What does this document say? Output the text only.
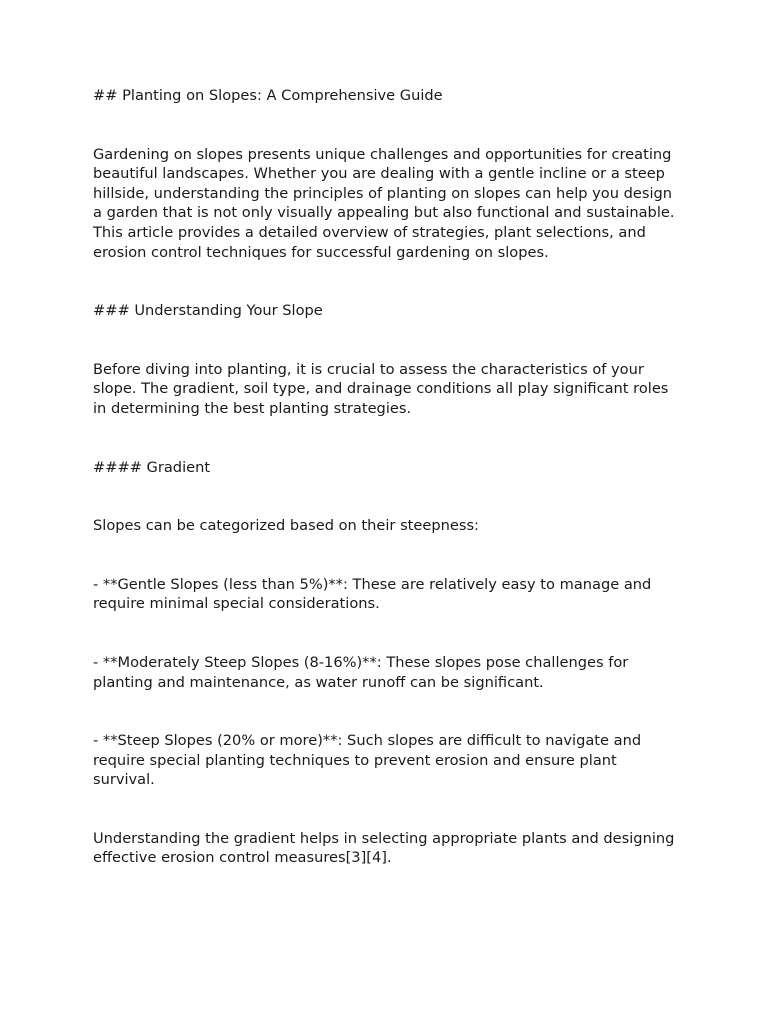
## Planting on Slopes: A Comprehensive Guide

Gardening on slopes presents unique challenges and opportunities for creating beautiful landscapes. Whether you are dealing with a gentle incline or a steep hillside, understanding the principles of planting on slopes can help you design a garden that is not only visually appealing but also functional and sustainable. This article provides a detailed overview of strategies, plant selections, and erosion control techniques for successful gardening on slopes.

### Understanding Your Slope

Before diving into planting, it is crucial to assess the characteristics of your slope. The gradient, soil type, and drainage conditions all play significant roles in determining the best planting strategies.

#### Gradient

Slopes can be categorized based on their steepness:

- **Gentle Slopes (less than 5%)**: These are relatively easy to manage and require minimal special considerations.

- **Moderately Steep Slopes (8-16%)**: These slopes pose challenges for planting and maintenance, as water runoff can be significant.

- **Steep Slopes (20% or more)**: Such slopes are difficult to navigate and require special planting techniques to prevent erosion and ensure plant survival.

Understanding the gradient helps in selecting appropriate plants and designing effective erosion control measures[3][4].
